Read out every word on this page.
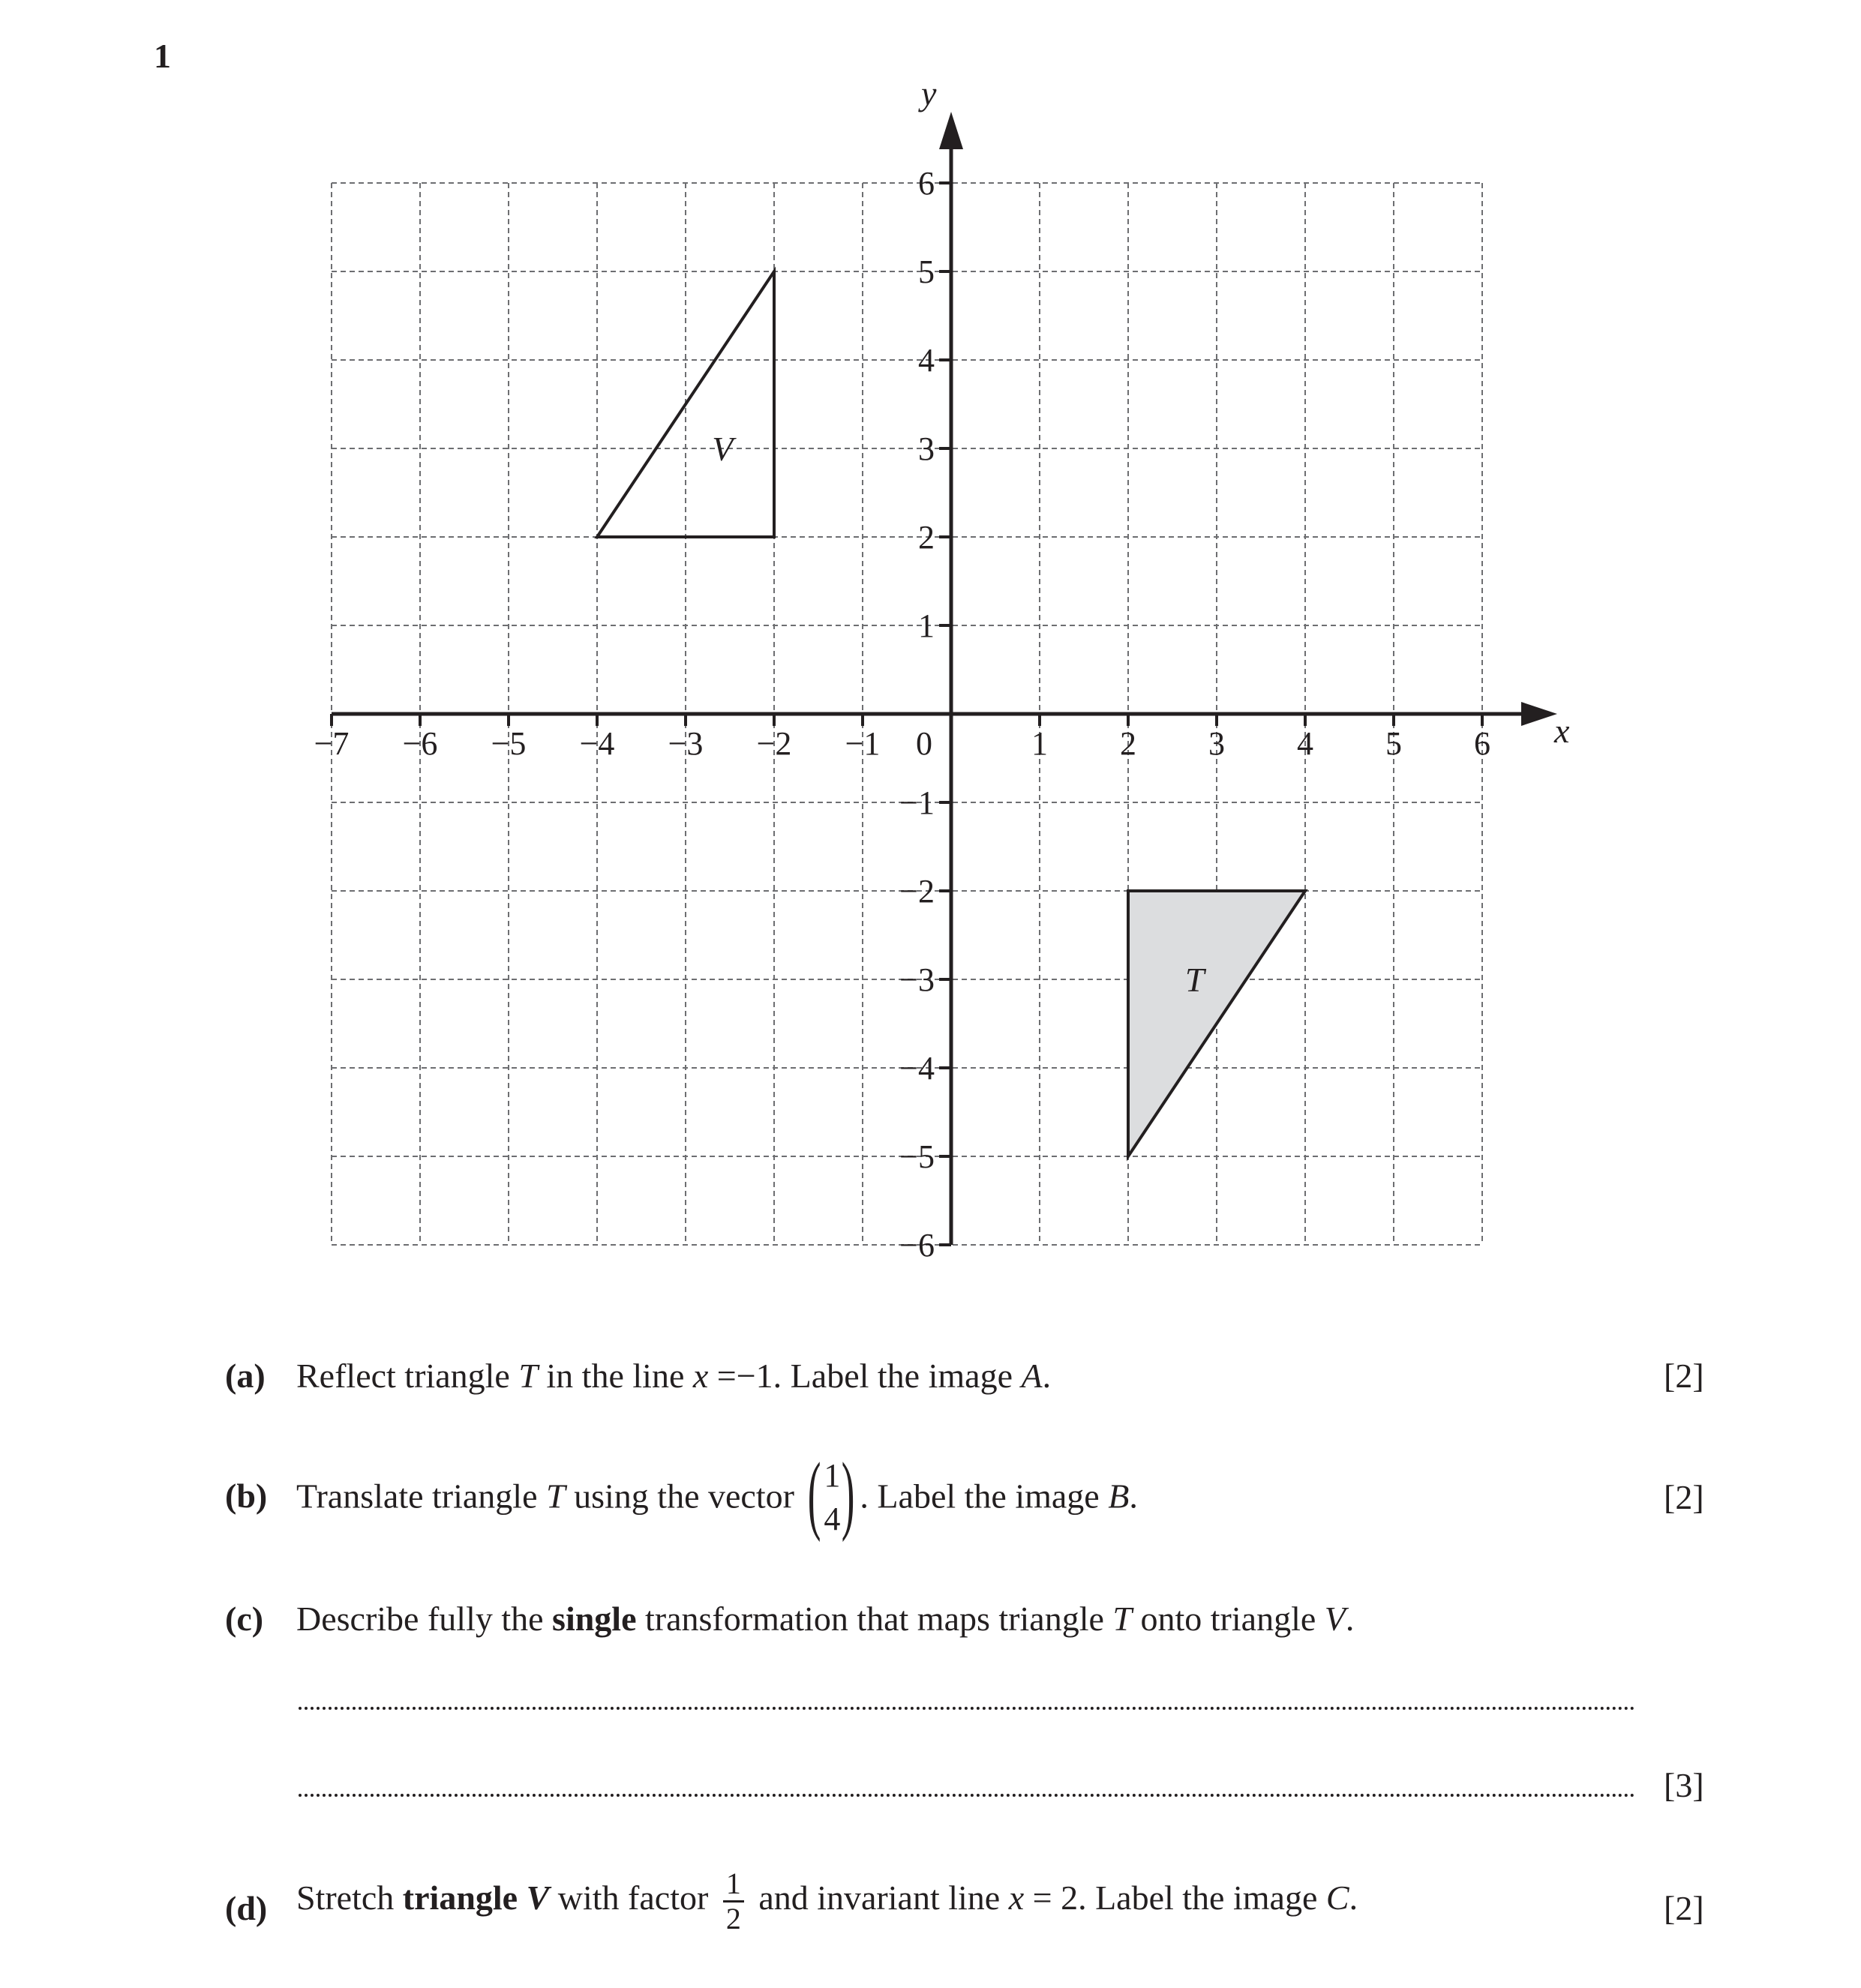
1
−7 −6 −5 −4 −3 −2 −1	1 2 3 4 5 6
6
5
4
3
2
1
−1
−2
−3
−4
−5
−6
V
T
x
y
0
(a) Reflect triangle T in the line x =−1. Label the image A.	[2]
(b) Translate triangle T using the vector ( 1
4 ) . Label the image B.	[2]
(c) Describe fully the single transformation that maps triangle T onto triangle V.
[3]
(d) Stretch triangle V with factor $\frac{1}{2}$ and invariant line x = 2. Label the image C.	[2]
